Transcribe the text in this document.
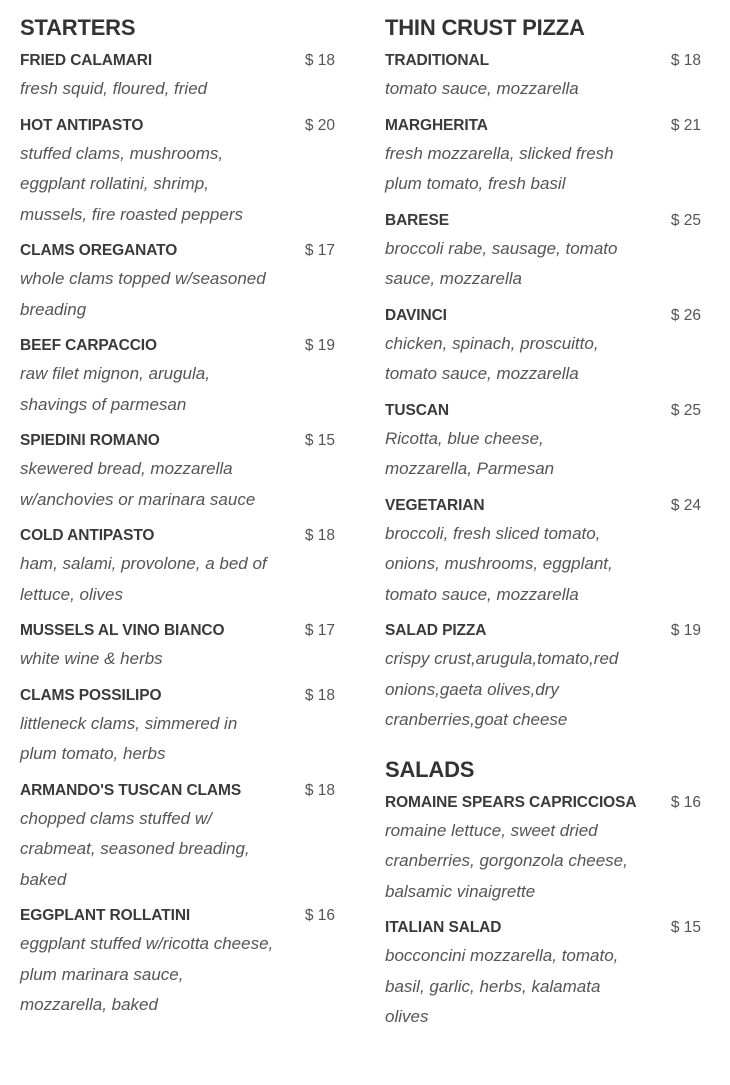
STARTERS
FRIED CALAMARI	$ 18
fresh squid, floured, fried
HOT ANTIPASTO	$ 20
stuffed clams, mushrooms, eggplant rollatini, shrimp, mussels, fire roasted peppers
CLAMS OREGANATO	$ 17
whole clams topped w/seasoned breading
BEEF CARPACCIO	$ 19
raw filet mignon, arugula, shavings of parmesan
SPIEDINI ROMANO	$ 15
skewered bread, mozzarella w/anchovies or marinara sauce
COLD ANTIPASTO	$ 18
ham, salami, provolone, a bed of lettuce, olives
MUSSELS AL VINO BIANCO	$ 17
white wine & herbs
CLAMS POSSILIPO	$ 18
littleneck clams, simmered in plum tomato, herbs
ARMANDO'S TUSCAN CLAMS	$ 18
chopped clams stuffed w/ crabmeat, seasoned breading, baked
EGGPLANT ROLLATINI	$ 16
eggplant stuffed w/ricotta cheese, plum marinara sauce, mozzarella, baked
THIN CRUST PIZZA
TRADITIONAL	$ 18
tomato sauce, mozzarella
MARGHERITA	$ 21
fresh mozzarella, slicked fresh plum tomato, fresh basil
BARESE	$ 25
broccoli rabe, sausage, tomato sauce, mozzarella
DAVINCI	$ 26
chicken, spinach, proscuitto, tomato sauce, mozzarella
TUSCAN	$ 25
Ricotta, blue cheese, mozzarella, Parmesan
VEGETARIAN	$ 24
broccoli, fresh sliced tomato, onions, mushrooms, eggplant, tomato sauce, mozzarella
SALAD PIZZA	$ 19
crispy crust,arugula,tomato,red onions,gaeta olives,dry cranberries,goat cheese
SALADS
ROMAINE SPEARS CAPRICCIOSA $ 16
romaine lettuce, sweet dried cranberries, gorgonzola cheese, balsamic vinaigrette
ITALIAN SALAD	$ 15
bocconcini mozzarella, tomato, basil, garlic, herbs, kalamata olives
